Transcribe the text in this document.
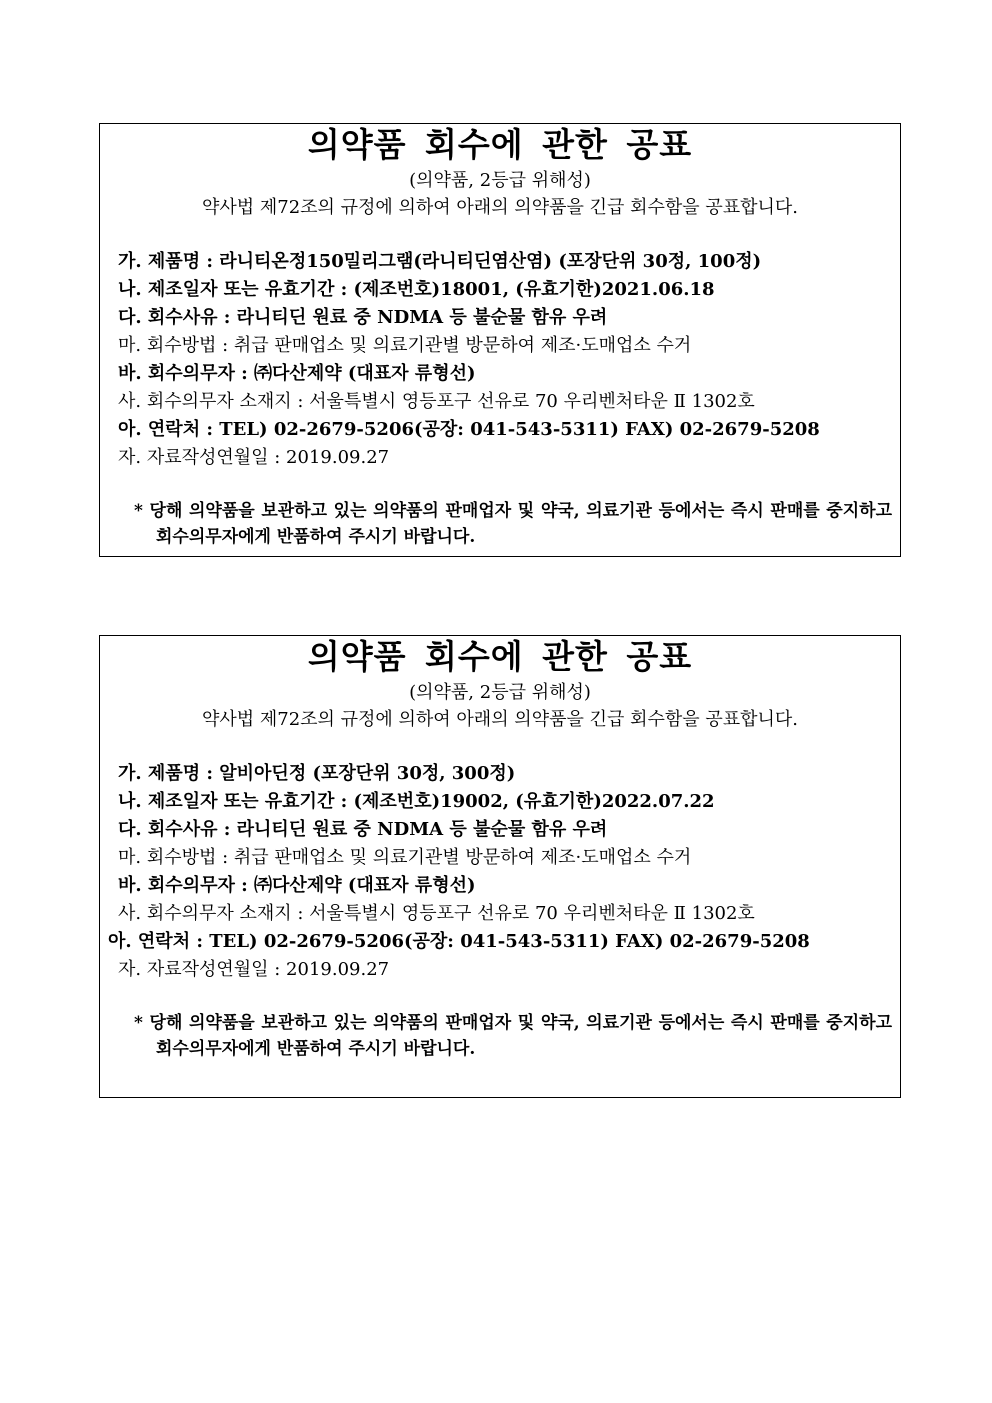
의약품 회수에 관한 공표
(의약품, 2등급 위해성)
약사법 제72조의 규정에 의하여 아래의 의약품을 긴급 회수함을 공표합니다.
가. 제품명 : 라니티온정150밀리그램(라니티딘염산염) (포장단위 30정, 100정)
나. 제조일자 또는 유효기간 : (제조번호)18001, (유효기한)2021.06.18
다. 회수사유 : 라니티딘 원료 중 NDMA 등 불순물 함유 우려
마. 회수방법 : 취급 판매업소 및 의료기관별 방문하여 제조·도매업소 수거
바. 회수의무자 : ㈜다산제약 (대표자 류형선)
사. 회수의무자 소재지 : 서울특별시 영등포구 선유로 70 우리벤처타운 Ⅱ 1302호
아. 연락처 : TEL) 02-2679-5206(공장: 041-543-5311) FAX) 02-2679-5208
자. 자료작성연월일 : 2019.09.27
* 당해 의약품을 보관하고 있는 의약품의 판매업자 및 약국, 의료기관 등에서는 즉시 판매를 중지하고 회수의무자에게 반품하여 주시기 바랍니다.
의약품 회수에 관한 공표
(의약품, 2등급 위해성)
약사법 제72조의 규정에 의하여 아래의 의약품을 긴급 회수함을 공표합니다.
가. 제품명 : 알비아딘정 (포장단위 30정, 300정)
나. 제조일자 또는 유효기간 : (제조번호)19002, (유효기한)2022.07.22
다. 회수사유 : 라니티딘 원료 중 NDMA 등 불순물 함유 우려
마. 회수방법 : 취급 판매업소 및 의료기관별 방문하여 제조·도매업소 수거
바. 회수의무자 : ㈜다산제약 (대표자 류형선)
사. 회수의무자 소재지 : 서울특별시 영등포구 선유로 70 우리벤처타운 Ⅱ 1302호
아. 연락처 : TEL) 02-2679-5206(공장: 041-543-5311) FAX) 02-2679-5208
자. 자료작성연월일 : 2019.09.27
* 당해 의약품을 보관하고 있는 의약품의 판매업자 및 약국, 의료기관 등에서는 즉시 판매를 중지하고 회수의무자에게 반품하여 주시기 바랍니다.
